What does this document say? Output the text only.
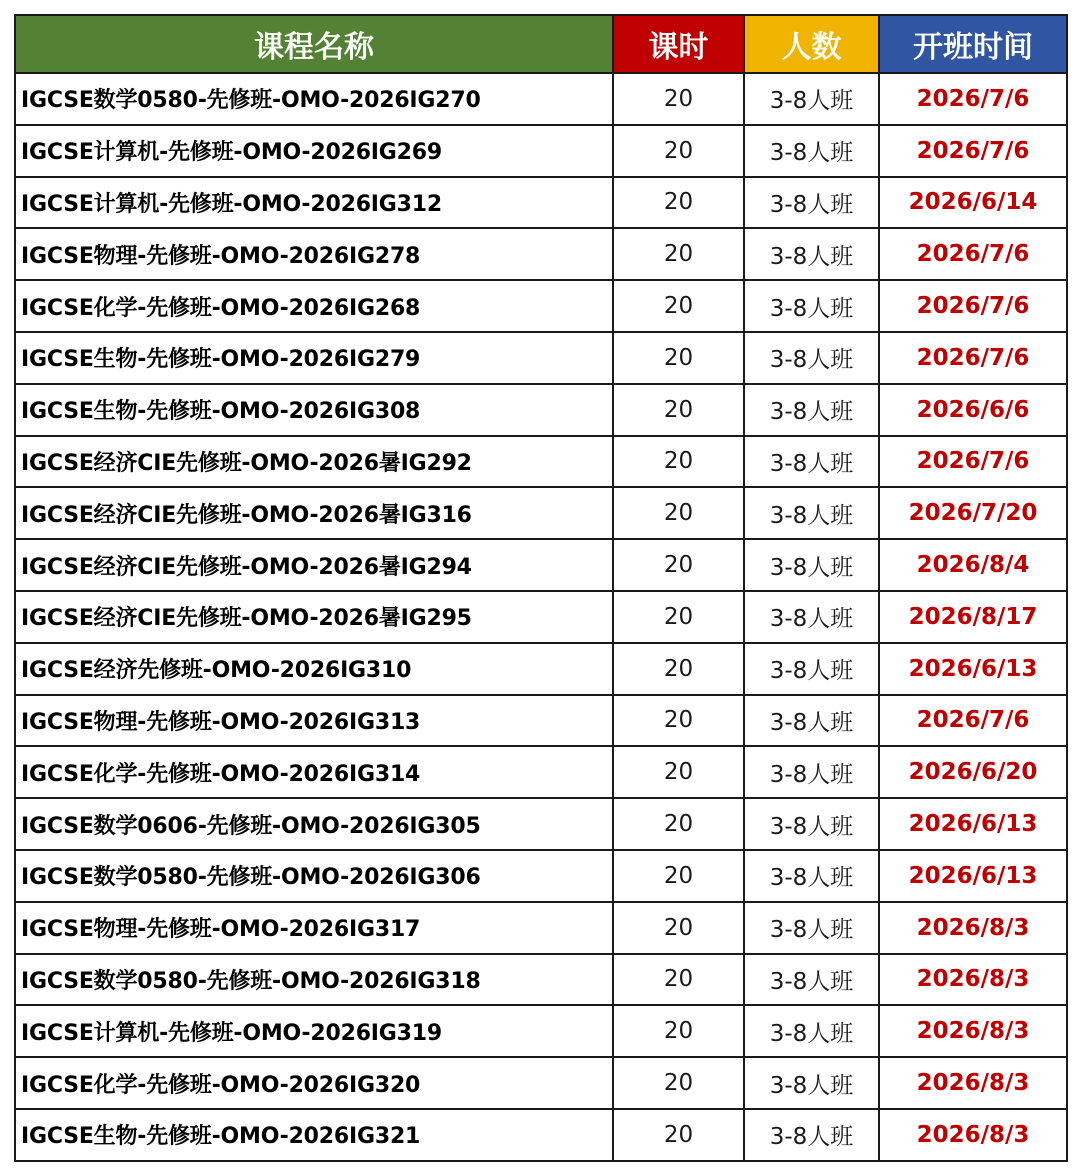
课程名称	课时	人数	开班时间
IGCSE数学0580-先修班-OMO-2026IG270	20	3-8人班	2026/7/6
IGCSE计算机-先修班-OMO-2026IG269	20	3-8人班	2026/7/6
IGCSE计算机-先修班-OMO-2026IG312	20	3-8人班	2026/6/14
IGCSE物理-先修班-OMO-2026IG278	20	3-8人班	2026/7/6
IGCSE化学-先修班-OMO-2026IG268	20	3-8人班	2026/7/6
IGCSE生物-先修班-OMO-2026IG279	20	3-8人班	2026/7/6
IGCSE生物-先修班-OMO-2026IG308	20	3-8人班	2026/6/6
IGCSE经济CIE先修班-OMO-2026暑IG292	20	3-8人班	2026/7/6
IGCSE经济CIE先修班-OMO-2026暑IG316	20	3-8人班	2026/7/20
IGCSE经济CIE先修班-OMO-2026暑IG294	20	3-8人班	2026/8/4
IGCSE经济CIE先修班-OMO-2026暑IG295	20	3-8人班	2026/8/17
IGCSE经济先修班-OMO-2026IG310	20	3-8人班	2026/6/13
IGCSE物理-先修班-OMO-2026IG313	20	3-8人班	2026/7/6
IGCSE化学-先修班-OMO-2026IG314	20	3-8人班	2026/6/20
IGCSE数学0606-先修班-OMO-2026IG305	20	3-8人班	2026/6/13
IGCSE数学0580-先修班-OMO-2026IG306	20	3-8人班	2026/6/13
IGCSE物理-先修班-OMO-2026IG317	20	3-8人班	2026/8/3
IGCSE数学0580-先修班-OMO-2026IG318	20	3-8人班	2026/8/3
IGCSE计算机-先修班-OMO-2026IG319	20	3-8人班	2026/8/3
IGCSE化学-先修班-OMO-2026IG320	20	3-8人班	2026/8/3
IGCSE生物-先修班-OMO-2026IG321	20	3-8人班	2026/8/3
